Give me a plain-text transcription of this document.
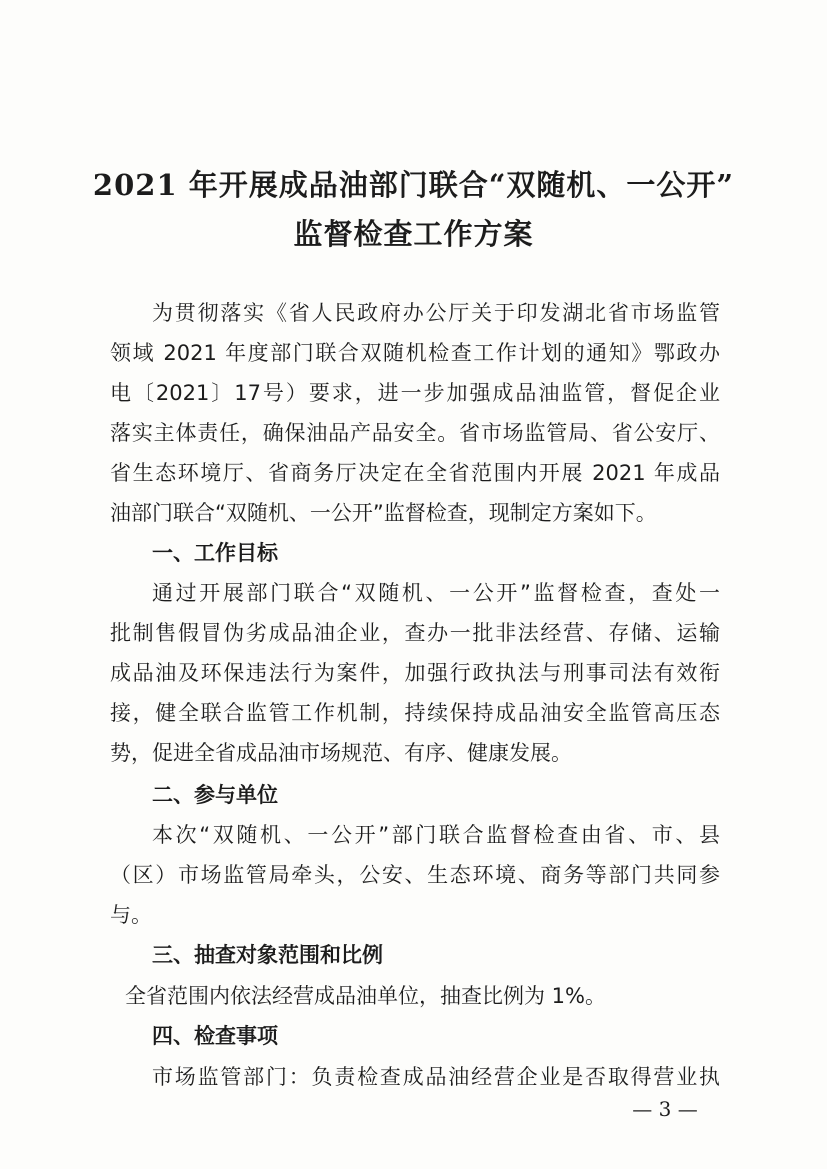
2021 年开展成品油部门联合“双随机、一公开”
监督检查工作方案

为贯彻落实《省人民政府办公厅关于印发湖北省市场监管

领域 2021 年度部门联合双随机检查工作计划的通知》鄂政办

电〔2021〕17号）要求，进一步加强成品油监管，督促企业

落实主体责任，确保油品产品安全。省市场监管局、省公安厅、

省生态环境厅、省商务厅决定在全省范围内开展 2021 年成品

油部门联合“双随机、一公开”监督检查，现制定方案如下。

一、工作目标

通过开展部门联合“双随机、一公开”监督检查，查处一

批制售假冒伪劣成品油企业，查办一批非法经营、存储、运输

成品油及环保违法行为案件，加强行政执法与刑事司法有效衔

接，健全联合监管工作机制，持续保持成品油安全监管高压态

势，促进全省成品油市场规范、有序、健康发展。

二、参与单位

本次“双随机、一公开”部门联合监督检查由省、市、县

（区）市场监管局牵头，公安、生态环境、商务等部门共同参

与。

三、抽查对象范围和比例

全省范围内依法经营成品油单位，抽查比例为 1%。

四、检查事项

市场监管部门：负责检查成品油经营企业是否取得营业执

— 3 —
